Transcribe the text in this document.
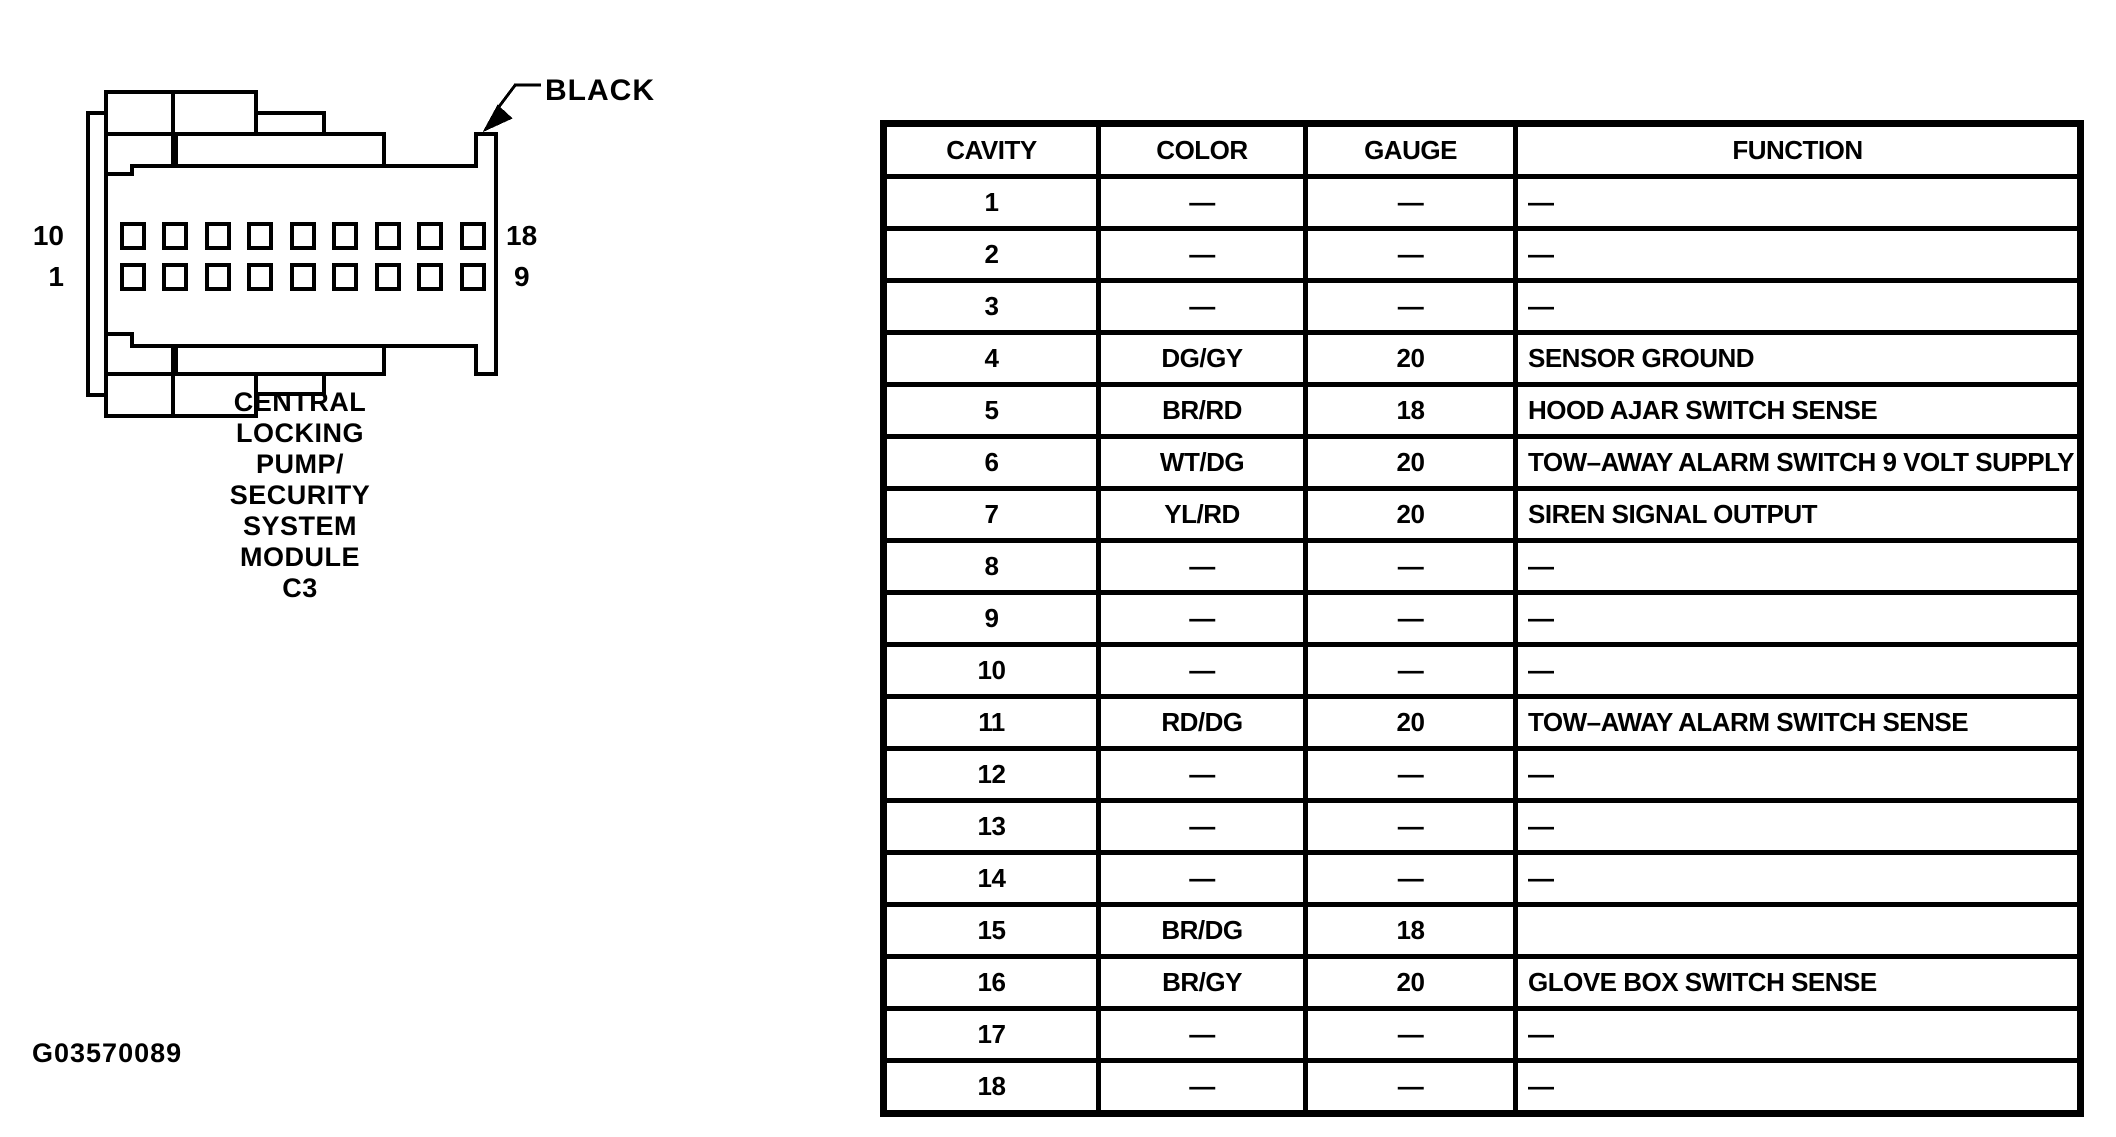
10
1
18
9
BLACK
CENTRAL
LOCKING
PUMP/
SECURITY
SYSTEM
MODULE
C3
G03570089
CAVITY	COLOR	GAUGE	FUNCTION
1	—	—	—
2	—	—	—
3	—	—	—
4	DG/GY	20	SENSOR GROUND
5	BR/RD	18	HOOD AJAR SWITCH SENSE
6	WT/DG	20	TOW–AWAY ALARM SWITCH 9 VOLT SUPPLY
7	YL/RD	20	SIREN SIGNAL OUTPUT
8	—	—	—
9	—	—	—
10	—	—	—
11	RD/DG	20	TOW–AWAY ALARM SWITCH SENSE
12	—	—	—
13	—	—	—
14	—	—	—
15	BR/DG	18	
16	BR/GY	20	GLOVE BOX SWITCH SENSE
17	—	—	—
18	—	—	—
